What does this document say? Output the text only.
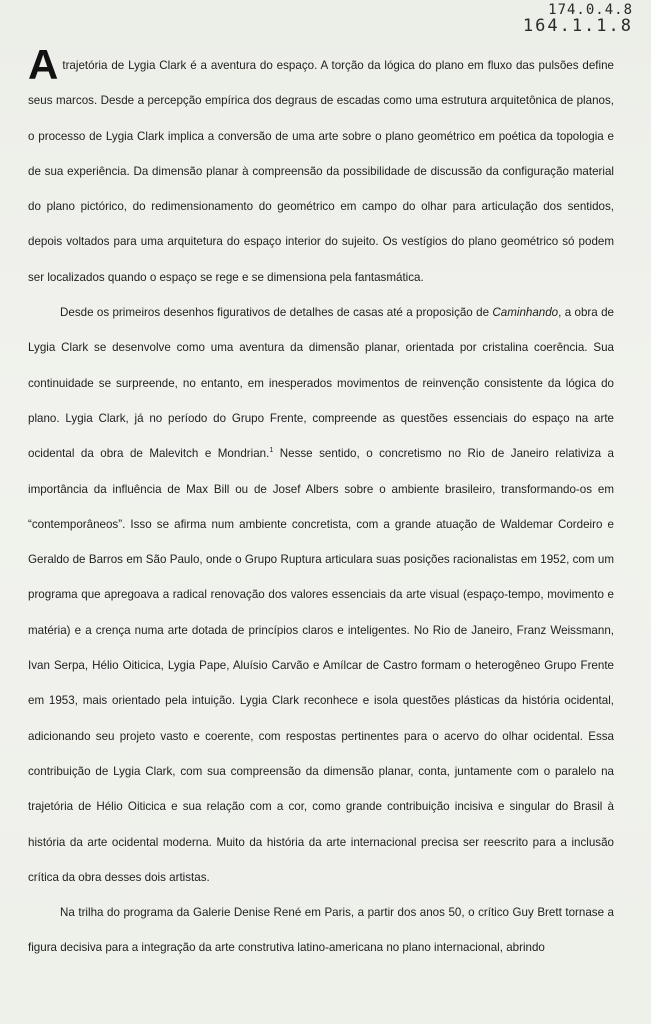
174.0.4.8
164.1.1.8

A trajetória de Lygia Clark é a aventura do espaço. A torção da lógica do plano em fluxo das pulsões define seus marcos. Desde a percepção empírica dos degraus de escadas como uma estrutura arquitetônica de planos, o processo de Lygia Clark implica a conversão de uma arte sobre o plano geométrico em poética da topologia e de sua experiência. Da dimensão planar à compreensão da possibilidade de discussão da configuração material do plano pictórico, do redimensionamento do geométrico em campo do olhar para articulação dos sentidos, depois voltados para uma arquitetura do espaço interior do sujeito. Os vestígios do plano geométrico só podem ser localizados quando o espaço se rege e se dimensiona pela fantasmática.

Desde os primeiros desenhos figurativos de detalhes de casas até a proposição de Caminhando, a obra de Lygia Clark se desenvolve como uma aventura da dimensão planar, orientada por cristalina coerência. Sua continuidade se surpreende, no entanto, em inesperados movimentos de reinvenção consistente da lógica do plano. Lygia Clark, já no período do Grupo Frente, compreende as questões essenciais do espaço na arte ocidental da obra de Malevitch e Mondrian.$^1$ Nesse sentido, o concretismo no Rio de Janeiro relativiza a importância da influência de Max Bill ou de Josef Albers sobre o ambiente brasileiro, transformando-os em “contemporâneos”. Isso se afirma num ambiente concretista, com a grande atuação de Waldemar Cordeiro e Geraldo de Barros em São Paulo, onde o Grupo Ruptura articulara suas posições racionalistas em 1952, com um programa que apregoava a radical renovação dos valores essenciais da arte visual (espaço-tempo, movimento e matéria) e a crença numa arte dotada de princípios claros e inteligentes. No Rio de Janeiro, Franz Weissmann, Ivan Serpa, Hélio Oiticica, Lygia Pape, Aluísio Carvão e Amílcar de Castro formam o heterogêneo Grupo Frente em 1953, mais orientado pela intuição. Lygia Clark reconhece e isola questões plásticas da história ocidental, adicionando seu projeto vasto e coerente, com respostas pertinentes para o acervo do olhar ocidental. Essa contribuição de Lygia Clark, com sua compreensão da dimensão planar, conta, juntamente com o paralelo na trajetória de Hélio Oiticica e sua relação com a cor, como grande contribuição incisiva e singular do Brasil à história da arte ocidental moderna. Muito da história da arte internacional precisa ser reescrito para a inclusão crítica da obra desses dois artistas.

Na trilha do programa da Galerie Denise René em Paris, a partir dos anos 50, o crítico Guy Brett tornase a figura decisiva para a integração da arte construtiva latino-americana no plano internacional, abrindo
